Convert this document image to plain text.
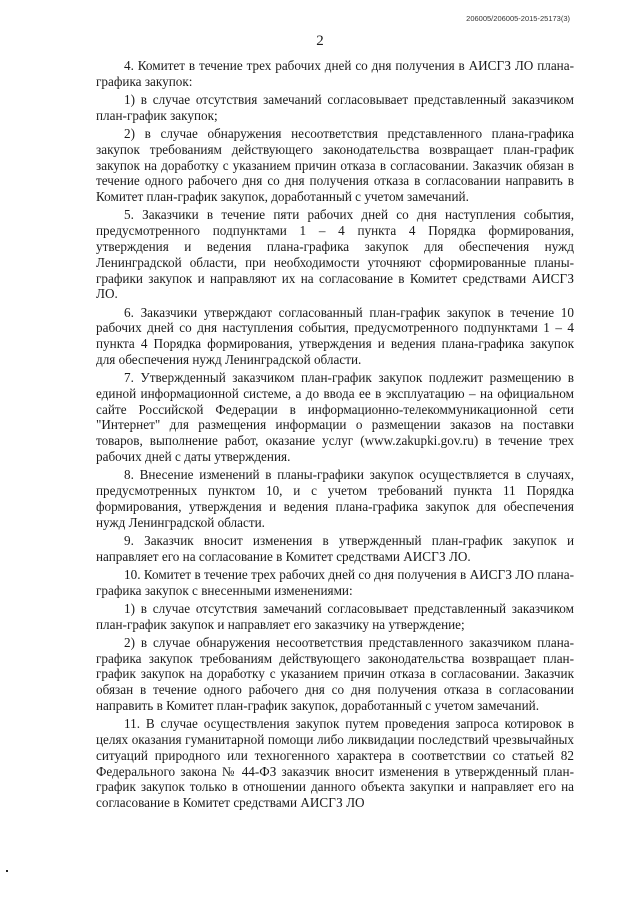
206005/206005-2015-25173(3)
2

4. Комитет в течение трех рабочих дней со дня получения в АИСГЗ ЛО плана-графика закупок:

1) в случае отсутствия замечаний согласовывает представленный заказчиком план-график закупок;

2) в случае обнаружения несоответствия представленного плана-графика закупок требованиям действующего законодательства возвращает план-график закупок на доработку с указанием причин отказа в согласовании. Заказчик обязан в течение одного рабочего дня со дня получения отказа в согласовании направить в Комитет план-график закупок, доработанный с учетом замечаний.

5. Заказчики в течение пяти рабочих дней со дня наступления события, предусмотренного подпунктами 1 – 4 пункта 4 Порядка формирования, утверждения и ведения плана-графика закупок для обеспечения нужд Ленинградской области, при необходимости уточняют сформированные планы-графики закупок и направляют их на согласование в Комитет средствами АИСГЗ ЛО.

6. Заказчики утверждают согласованный план-график закупок в течение 10 рабочих дней со дня наступления события, предусмотренного подпунктами 1 – 4 пункта 4 Порядка формирования, утверждения и ведения плана-графика закупок для обеспечения нужд Ленинградской области.

7. Утвержденный заказчиком план-график закупок подлежит размещению в единой информационной системе, а до ввода ее в эксплуатацию – на официальном сайте Российской Федерации в информационно-телекоммуникационной сети "Интернет" для размещения информации о размещении заказов на поставки товаров, выполнение работ, оказание услуг (www.zakupki.gov.ru) в течение трех рабочих дней с даты утверждения.

8. Внесение изменений в планы-графики закупок осуществляется в случаях, предусмотренных пунктом 10, и с учетом требований пункта 11 Порядка формирования, утверждения и ведения плана-графика закупок для обеспечения нужд Ленинградской области.

9. Заказчик вносит изменения в утвержденный план-график закупок и направляет его на согласование в Комитет средствами АИСГЗ ЛО.

10. Комитет в течение трех рабочих дней со дня получения в АИСГЗ ЛО плана-графика закупок с внесенными изменениями:

1) в случае отсутствия замечаний согласовывает представленный заказчиком план-график закупок и направляет его заказчику на утверждение;

2) в случае обнаружения несоответствия представленного заказчиком плана-графика закупок требованиям действующего законодательства возвращает план-график закупок на доработку с указанием причин отказа в согласовании. Заказчик обязан в течение одного рабочего дня со дня получения отказа в согласовании направить в Комитет план-график закупок, доработанный с учетом замечаний.

11. В случае осуществления закупок путем проведения запроса котировок в целях оказания гуманитарной помощи либо ликвидации последствий чрезвычайных ситуаций природного или техногенного характера в соответствии со статьей 82 Федерального закона № 44-ФЗ заказчик вносит изменения в утвержденный план-график закупок только в отношении данного объекта закупки и направляет его на согласование в Комитет средствами АИСГЗ ЛО
